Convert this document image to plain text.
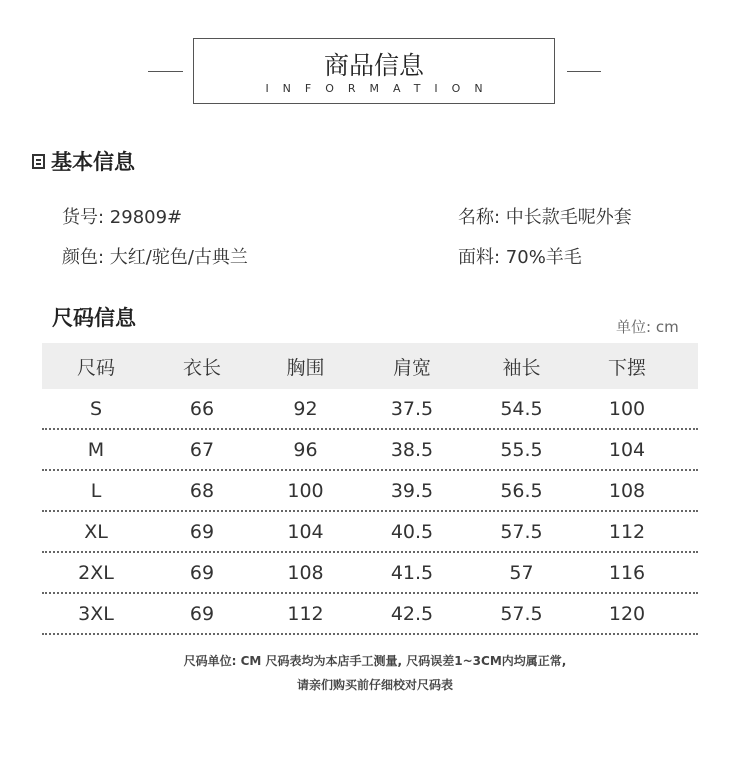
商品信息
INFORMATION
基本信息
货号: 29809#
颜色: 大红/驼色/古典兰
名称: 中长款毛呢外套
面料: 70%羊毛
尺码信息	单位: cm
尺码	衣长	胸围	肩宽	袖长	下摆
S	66	92	37.5	54.5	100
M	67	96	38.5	55.5	104
L	68	100	39.5	56.5	108
XL	69	104	40.5	57.5	112
2XL	69	108	41.5	57	116
3XL	69	112	42.5	57.5	120
尺码单位: CM 尺码表均为本店手工测量, 尺码误差1~3CM内均属正常,
请亲们购买前仔细校对尺码表
